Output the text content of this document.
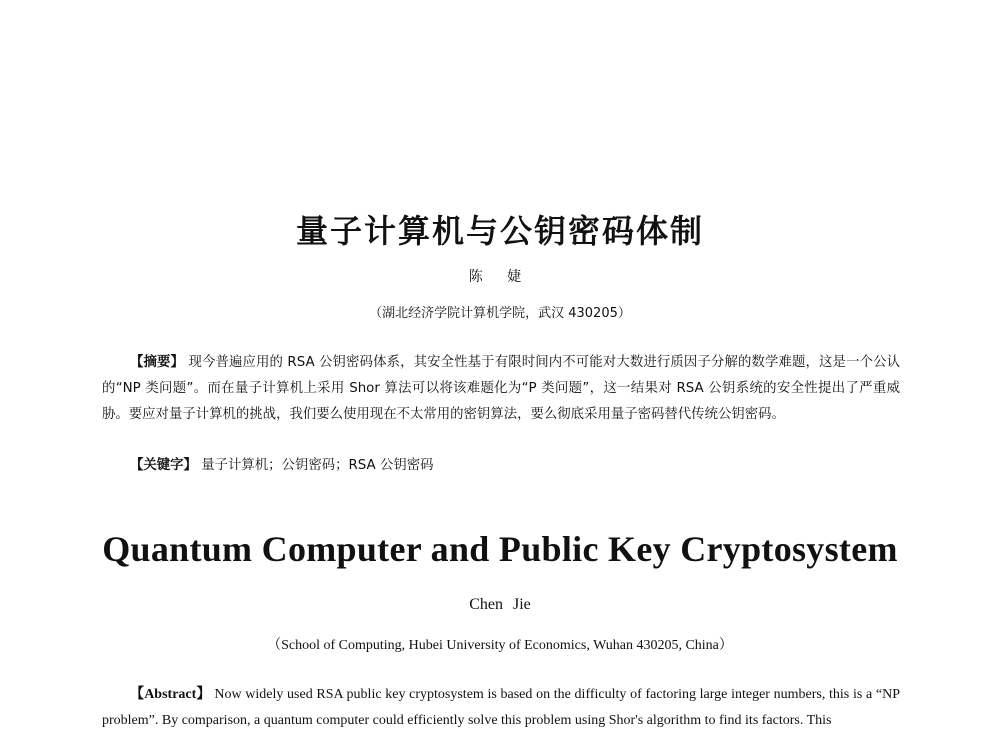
量子计算机与公钥密码体制
陈 婕
（湖北经济学院计算机学院，武汉 430205）

【摘要】 现今普遍应用的 RSA 公钥密码体系，其安全性基于有限时间内不可能对大数进行质因子分解的数学难题，这是一个公认的“NP 类问题”。而在量子计算机上采用 Shor 算法可以将该难题化为“P 类问题”，这一结果对 RSA 公钥系统的安全性提出了严重威胁。要应对量子计算机的挑战，我们要么使用现在不太常用的密钥算法，要么彻底采用量子密码替代传统公钥密码。

【关键字】 量子计算机；公钥密码；RSA 公钥密码

Quantum Computer and Public Key Cryptosystem
Chen Jie
（School of Computing, Hubei University of Economics, Wuhan 430205, China）

【Abstract】 Now widely used RSA public key cryptosystem is based on the difficulty of factoring large integer numbers, this is a “NP problem”. By comparison, a quantum computer could efficiently solve this problem using Shor's algorithm to find its factors. This
